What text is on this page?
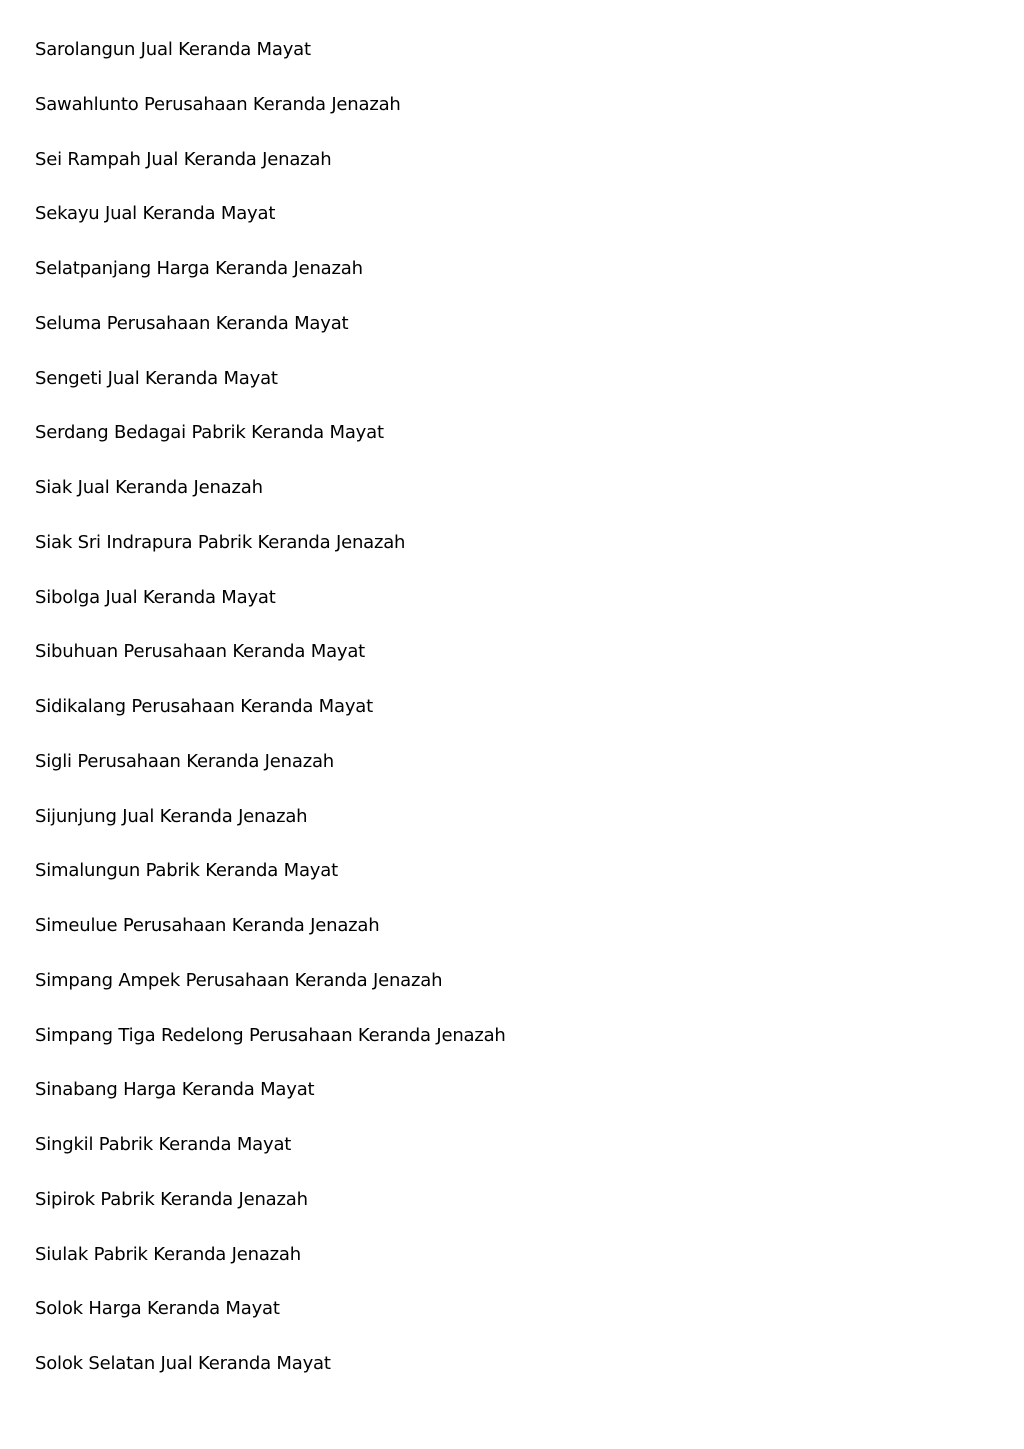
Sarolangun Jual Keranda Mayat
Sawahlunto Perusahaan Keranda Jenazah
Sei Rampah Jual Keranda Jenazah
Sekayu Jual Keranda Mayat
Selatpanjang Harga Keranda Jenazah
Seluma Perusahaan Keranda Mayat
Sengeti Jual Keranda Mayat
Serdang Bedagai Pabrik Keranda Mayat
Siak Jual Keranda Jenazah
Siak Sri Indrapura Pabrik Keranda Jenazah
Sibolga Jual Keranda Mayat
Sibuhuan Perusahaan Keranda Mayat
Sidikalang Perusahaan Keranda Mayat
Sigli Perusahaan Keranda Jenazah
Sijunjung Jual Keranda Jenazah
Simalungun Pabrik Keranda Mayat
Simeulue Perusahaan Keranda Jenazah
Simpang Ampek Perusahaan Keranda Jenazah
Simpang Tiga Redelong Perusahaan Keranda Jenazah
Sinabang Harga Keranda Mayat
Singkil Pabrik Keranda Mayat
Sipirok Pabrik Keranda Jenazah
Siulak Pabrik Keranda Jenazah
Solok Harga Keranda Mayat
Solok Selatan Jual Keranda Mayat
